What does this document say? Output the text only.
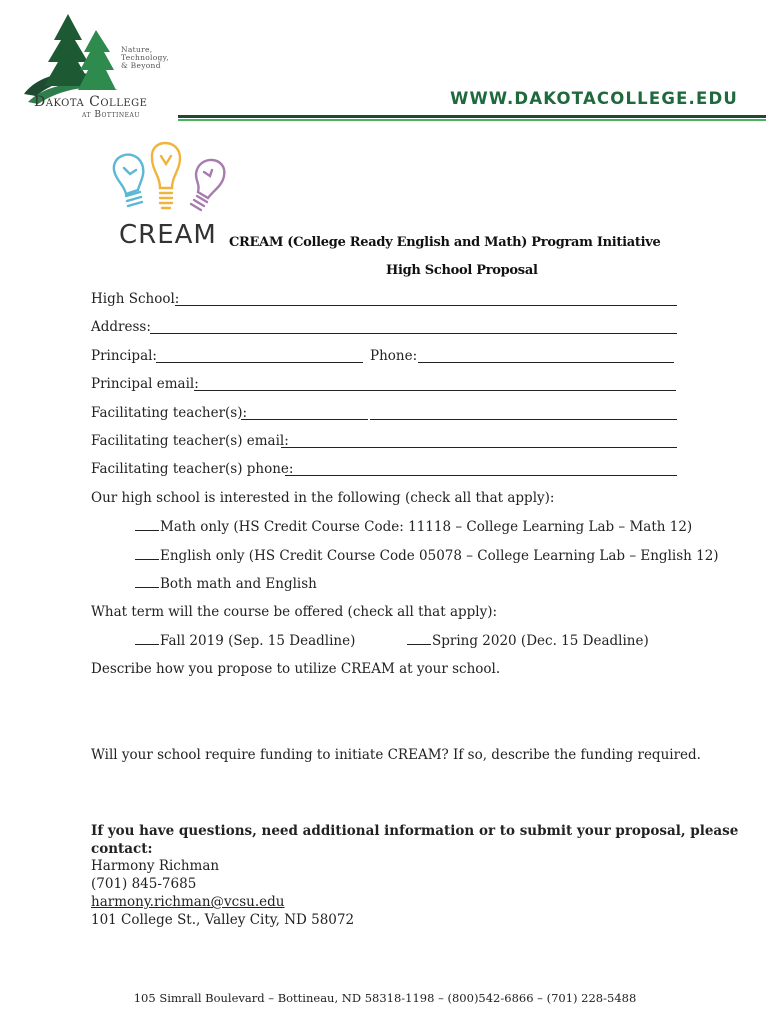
Nature,
Technology,
& Beyond
Dakota College
at Bottineau
WWW.DAKOTACOLLEGE.EDU
CREAM CREAM (College Ready English and Math) Program Initiative
High School Proposal
High School:
Address:
Principal:	Phone:
Principal email:
Facilitating teacher(s):
Facilitating teacher(s) email:
Facilitating teacher(s) phone:
Our high school is interested in the following (check all that apply):
Math only (HS Credit Course Code: 11118 – College Learning Lab – Math 12)
English only (HS Credit Course Code 05078 – College Learning Lab – English 12)
Both math and English
What term will the course be offered (check all that apply):
Fall 2019 (Sep. 15 Deadline)	Spring 2020 (Dec. 15 Deadline)
Describe how you propose to utilize CREAM at your school.
Will your school require funding to initiate CREAM? If so, describe the funding required.
If you have questions, need additional information or to submit your proposal, please
contact:
Harmony Richman
(701) 845-7685
harmony.richman@vcsu.edu
101 College St., Valley City, ND 58072
105 Simrall Boulevard – Bottineau, ND 58318-1198 – (800)542-6866 – (701) 228-5488
